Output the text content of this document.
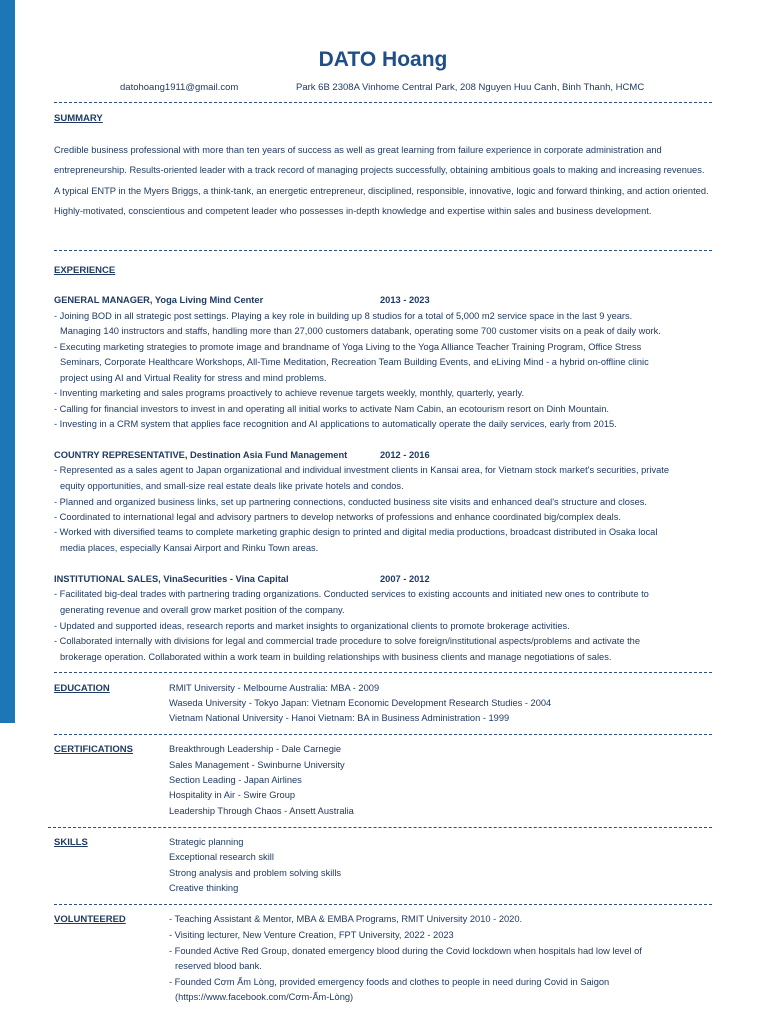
DATO Hoang
datohoang1911@gmail.com	Park 6B 2308A Vinhome Central Park, 208 Nguyen Huu Canh, Binh Thanh, HCMC
SUMMARY
Credible business professional with more than ten years of success as well as great learning from failure experience in corporate administration and entrepreneurship. Results-oriented leader with a track record of managing projects successfully, obtaining ambitious goals to making and increasing revenues. A typical ENTP in the Myers Briggs, a think-tank, an energetic entrepreneur, disciplined, responsible, innovative, logic and forward thinking, and action oriented. Highly-motivated, conscientious and competent leader who possesses in-depth knowledge and expertise within sales and business development.
EXPERIENCE
GENERAL MANAGER, Yoga Living Mind Center	2013 - 2023
- Joining BOD in all strategic post settings. Playing a key role in building up 8 studios for a total of 5,000 m2 service space in the last 9 years.
Managing 140 instructors and staffs, handling more than 27,000 customers databank, operating some 700 customer visits on a peak of daily work.
- Executing marketing strategies to promote image and brandname of Yoga Living to the Yoga Alliance Teacher Training Program, Office Stress
Seminars, Corporate Healthcare Workshops, All-Time Meditation, Recreation Team Building Events, and eLiving Mind - a hybrid on-offline clinic
project using AI and Virtual Reality for stress and mind problems.
- Inventing marketing and sales programs proactively to achieve revenue targets weekly, monthly, quarterly, yearly.
- Calling for financial investors to invest in and operating all initial works to activate Nam Cabin, an ecotourism resort on Dinh Mountain.
- Investing in a CRM system that applies face recognition and AI applications to automatically operate the daily services, early from 2015.
COUNTRY REPRESENTATIVE, Destination Asia Fund Management	2012 - 2016
- Represented as a sales agent to Japan organizational and individual investment clients in Kansai area, for Vietnam stock market's securities, private
equity opportunities, and small-size real estate deals like private hotels and condos.
- Planned and organized business links, set up partnering connections, conducted business site visits and enhanced deal's structure and closes.
- Coordinated to international legal and advisory partners to develop networks of professions and enhance coordinated big/complex deals.
- Worked with diversified teams to complete marketing graphic design to printed and digital media productions, broadcast distributed in Osaka local
media places, especially Kansai Airport and Rinku Town areas.
INSTITUTIONAL SALES, VinaSecurities - Vina Capital	2007 - 2012
- Facilitated big-deal trades with partnering trading organizations. Conducted services to existing accounts and initiated new ones to contribute to
generating revenue and overall grow market position of the company.
- Updated and supported ideas, research reports and market insights to organizational clients to promote brokerage activities.
- Collaborated internally with divisions for legal and commercial trade procedure to solve foreign/institutional aspects/problems and activate the
brokerage operation. Collaborated within a work team in building relationships with business clients and manage negotiations of sales.
EDUCATION	RMIT University - Melbourne Australia: MBA - 2009
Waseda University - Tokyo Japan: Vietnam Economic Development Research Studies - 2004
Vietnam National University - Hanoi Vietnam: BA in Business Administration - 1999
CERTIFICATIONS	Breakthrough Leadership - Dale Carnegie
Sales Management - Swinburne University
Section Leading - Japan Airlines
Hospitality in Air - Swire Group
Leadership Through Chaos - Ansett Australia
SKILLS	Strategic planning
Exceptional research skill
Strong analysis and problem solving skills
Creative thinking
VOLUNTEERED	- Teaching Assistant & Mentor, MBA & EMBA Programs, RMIT University 2010 - 2020.
- Visiting lecturer, New Venture Creation, FPT University, 2022 - 2023
- Founded Active Red Group, donated emergency blood during the Covid lockdown when hospitals had low level of
reserved blood bank.
- Founded Cơm Ấm Lòng, provided emergency foods and clothes to people in need during Covid in Saigon
(https://www.facebook.com/Cơm-Ấm-Lòng)
